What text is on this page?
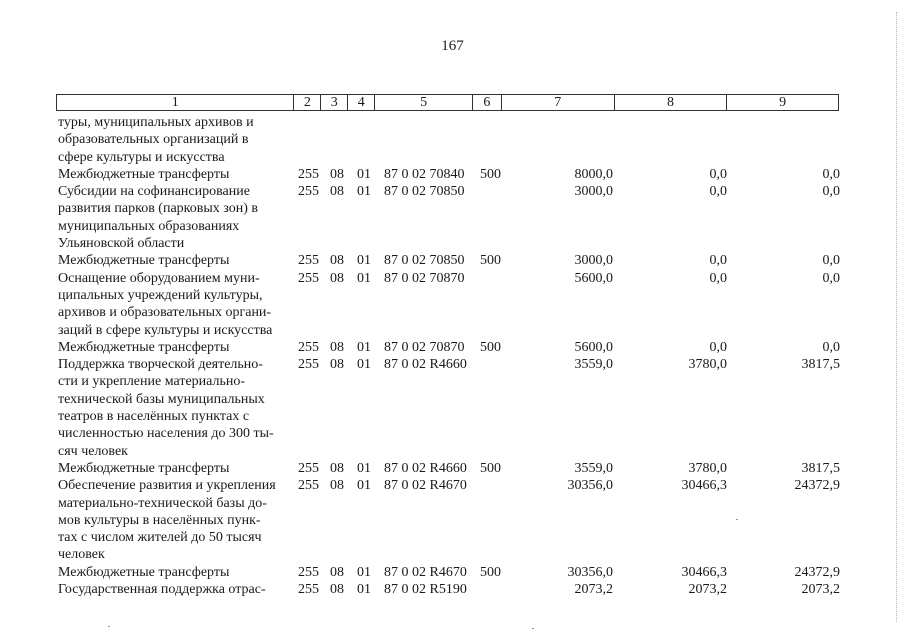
167
1	2	3	4	5	6	7	8	9
туры, муниципальных архивов и
образовательных организаций в
сфере культуры и искусства
Межбюджетные трансферты	255 08 01 87 0 02 70840 500	8000,0	0,0	0,0
Субсидии на софинансирование
развития парков (парковых зон) в
муниципальных образованиях
Ульяновской области
255 08 01 87 0 02 70850	3000,0	0,0	0,0
Межбюджетные трансферты	255 08 01 87 0 02 70850 500	3000,0	0,0	0,0
Оснащение оборудованием муни-
ципальных учреждений культуры,
архивов и образовательных органи-
заций в сфере культуры и искусства
255 08 01 87 0 02 70870	5600,0	0,0	0,0
Межбюджетные трансферты	255 08 01 87 0 02 70870 500	5600,0	0,0	0,0
Поддержка творческой деятельно-
сти и укрепление материально-
технической базы муниципальных
театров в населённых пунктах с
численностью населения до 300 ты-
сяч человек
255 08 01 87 0 02 R4660	3559,0	3780,0	3817,5
Межбюджетные трансферты	255 08 01 87 0 02 R4660 500	3559,0	3780,0	3817,5
Обеспечение развития и укрепления
материально-технической базы до-
мов культуры в населённых пунк-
тах с числом жителей до 50 тысяч
человек
255 08 01 87 0 02 R4670	30356,0	30466,3	24372,9
Межбюджетные трансферты	255 08 01 87 0 02 R4670 500	30356,0	30466,3	24372,9
Государственная поддержка отрас-	255 08 01 87 0 02 R5190	2073,2	2073,2	2073,2
